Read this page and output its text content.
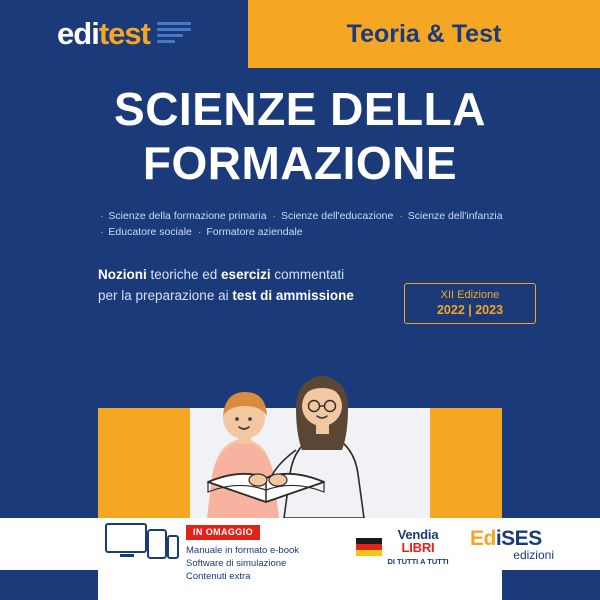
edi test	Teoria & Test
SCIENZE DELLA
FORMAZIONE
· Scienze della formazione primaria · Scienze dell'educazione · Scienze dell'infanzia
· Educatore sociale · Formatore aziendale
Nozioni teoriche ed esercizi commentati
per la preparazione ai test di ammissione	XII Edizione
2022 | 2023
IN OMAGGIO
Manuale in formato e-book
Software di simulazione
Contenuti extra
Vendia
LIBRI
DI TUTTI A TUTTI
EdiSES
edizioni
